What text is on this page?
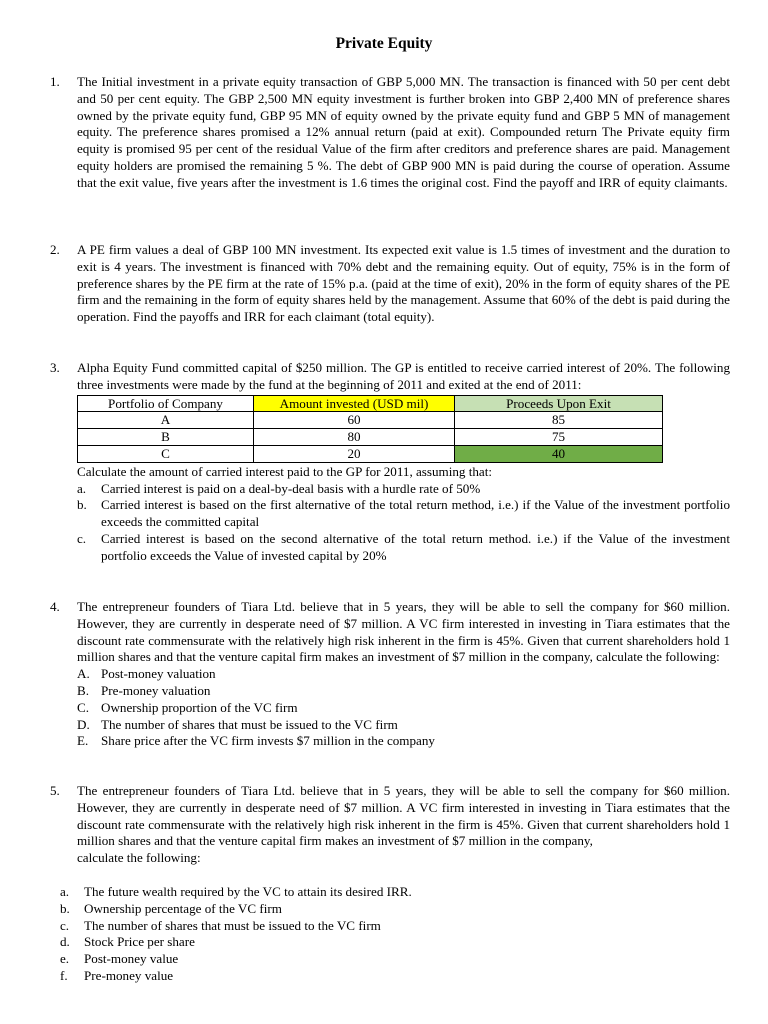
Private Equity
1.	The Initial investment in a private equity transaction of GBP 5,000 MN. The transaction is financed with 50 per cent debt and 50 per cent equity. The GBP 2,500 MN equity investment is further broken into GBP 2,400 MN of preference shares owned by the private equity fund, GBP 95 MN of equity owned by the private equity fund and GBP 5 MN of management equity. The preference shares promised a 12% annual return (paid at exit). Compounded return The Private equity firm equity is promised 95 per cent of the residual Value of the firm after creditors and preference shares are paid. Management equity holders are promised the remaining 5 %. The debt of GBP 900 MN is paid during the course of operation. Assume that the exit value, five years after the investment is 1.6 times the original cost. Find the payoff and IRR of equity claimants.

2.	A PE firm values a deal of GBP 100 MN investment. Its expected exit value is 1.5 times of investment and the duration to exit is 4 years. The investment is financed with 70% debt and the remaining equity. Out of equity, 75% is in the form of preference shares by the PE firm at the rate of 15% p.a. (paid at the time of exit), 20% in the form of equity shares of the PE firm and the remaining in the form of equity shares held by the management. Assume that 60% of the debt is paid during the operation. Find the payoffs and IRR for each claimant (total equity).

3.	Alpha Equity Fund committed capital of $250 million. The GP is entitled to receive carried interest of 20%. The following three investments were made by the fund at the beginning of 2011 and exited at the end of 2011:

Portfolio of Company	Amount invested (USD mil)	Proceeds Upon Exit
A	60	85
B	80	75
C	20	40

Calculate the amount of carried interest paid to the GP for 2011, assuming that:

a. Carried interest is paid on a deal-by-deal basis with a hurdle rate of 50%
b. Carried interest is based on the first alternative of the total return method, i.e.) if the Value of the investment portfolio exceeds the committed capital
c. Carried interest is based on the second alternative of the total return method. i.e.) if the Value of the investment portfolio exceeds the Value of invested capital by 20%
4.	The entrepreneur founders of Tiara Ltd. believe that in 5 years, they will be able to sell the company for $60 million. However, they are currently in desperate need of $7 million. A VC firm interested in investing in Tiara estimates that the discount rate commensurate with the relatively high risk inherent in the firm is 45%. Given that current shareholders hold 1 million shares and that the venture capital firm makes an investment of $7 million in the company, calculate the following:

A. Post-money valuation
B. Pre-money valuation
C. Ownership proportion of the VC firm
D. The number of shares that must be issued to the VC firm
E. Share price after the VC firm invests $7 million in the company
5.	The entrepreneur founders of Tiara Ltd. believe that in 5 years, they will be able to sell the company for $60 million. However, they are currently in desperate need of $7 million. A VC firm interested in investing in Tiara estimates that the discount rate commensurate with the relatively high risk inherent in the firm is 45%. Given that current shareholders hold 1 million shares and that the venture capital firm makes an investment of $7 million in the company,

calculate the following:

a. The future wealth required by the VC to attain its desired IRR.
b. Ownership percentage of the VC firm
c. The number of shares that must be issued to the VC firm
d. Stock Price per share
e. Post-money value
f. Pre-money value
